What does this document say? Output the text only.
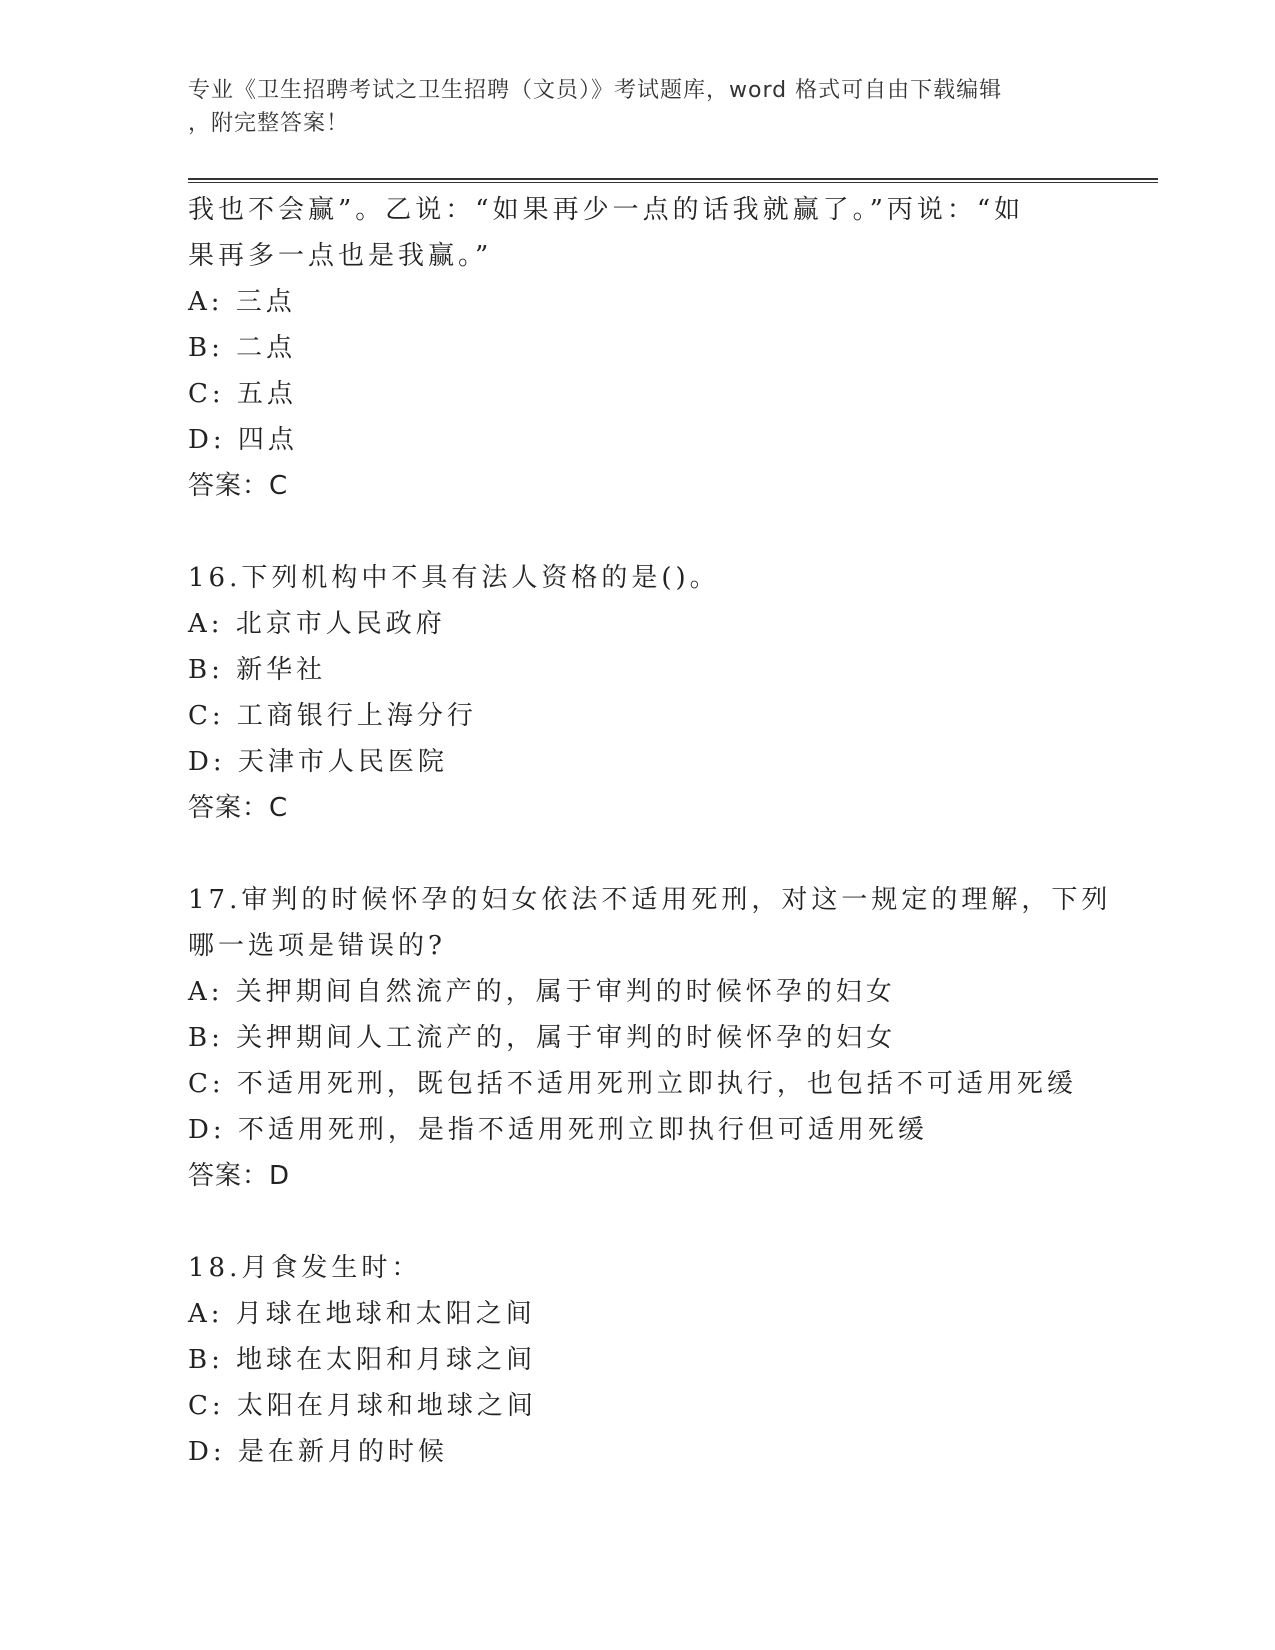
专业《卫生招聘考试之卫生招聘（文员）》考试题库，word 格式可自由下载编辑
，附完整答案！
我也不会赢”。乙说：“如果再少一点的话我就赢了。”丙说：“如
果再多一点也是我赢。”
A: 三点
B: 二点
C: 五点
D: 四点
答案：C
16.下列机构中不具有法人资格的是()。
A: 北京市人民政府
B: 新华社
C: 工商银行上海分行
D: 天津市人民医院
答案：C
17.审判的时候怀孕的妇女依法不适用死刑，对这一规定的理解，下列
哪一选项是错误的?
A: 关押期间自然流产的，属于审判的时候怀孕的妇女
B: 关押期间人工流产的，属于审判的时候怀孕的妇女
C: 不适用死刑，既包括不适用死刑立即执行，也包括不可适用死缓
D: 不适用死刑，是指不适用死刑立即执行但可适用死缓
答案：D
18.月食发生时：
A: 月球在地球和太阳之间
B: 地球在太阳和月球之间
C: 太阳在月球和地球之间
D: 是在新月的时候
